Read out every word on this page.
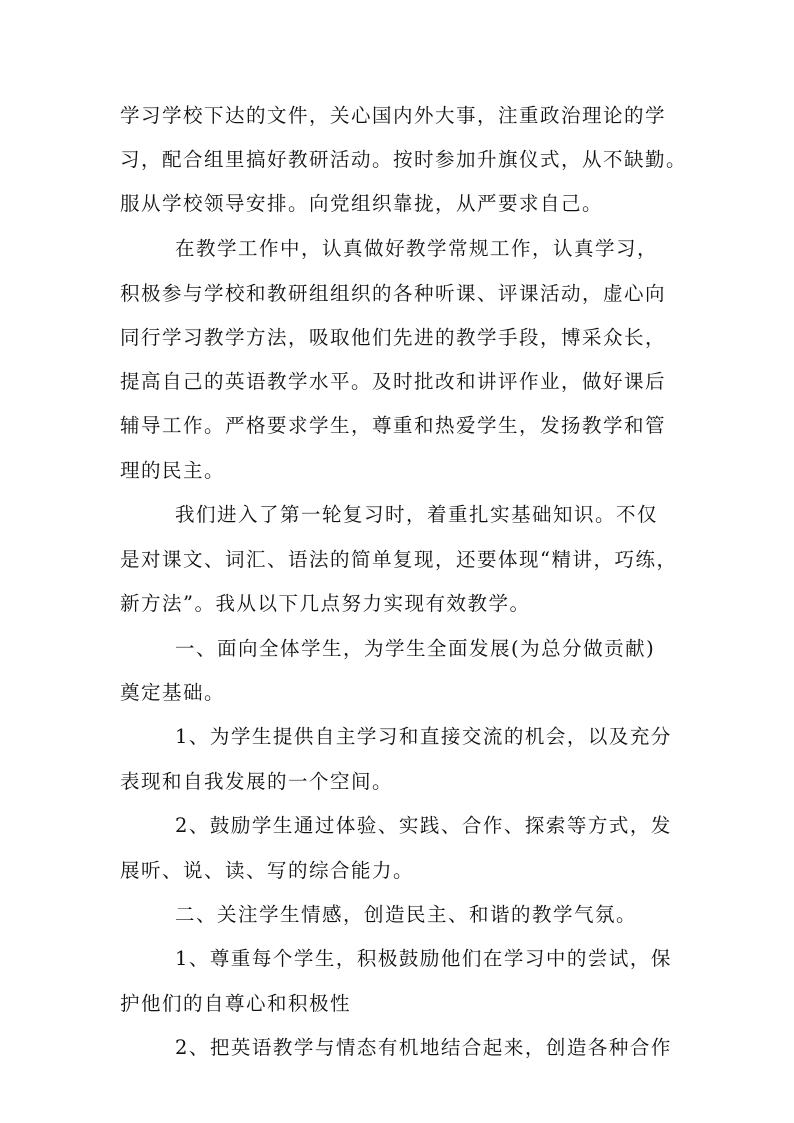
学习学校下达的文件，关心国内外大事，注重政治理论的学
习，配合组里搞好教研活动。按时参加升旗仪式，从不缺勤。
服从学校领导安排。向党组织靠拢，从严要求自己。
在教学工作中，认真做好教学常规工作，认真学习，
积极参与学校和教研组组织的各种听课、评课活动，虚心向
同行学习教学方法，吸取他们先进的教学手段，博采众长，
提高自己的英语教学水平。及时批改和讲评作业，做好课后
辅导工作。严格要求学生，尊重和热爱学生，发扬教学和管
理的民主。
我们进入了第一轮复习时，着重扎实基础知识。不仅
是对课文、词汇、语法的简单复现，还要体现“精讲，巧练，
新方法”。我从以下几点努力实现有效教学。
一、面向全体学生，为学生全面发展(为总分做贡献)
奠定基础。
1、为学生提供自主学习和直接交流的机会，以及充分
表现和自我发展的一个空间。
2、鼓励学生通过体验、实践、合作、探索等方式，发
展听、说、读、写的综合能力。
二、关注学生情感，创造民主、和谐的教学气氛。
1、尊重每个学生，积极鼓励他们在学习中的尝试，保
护他们的自尊心和积极性
2、把英语教学与情态有机地结合起来，创造各种合作
